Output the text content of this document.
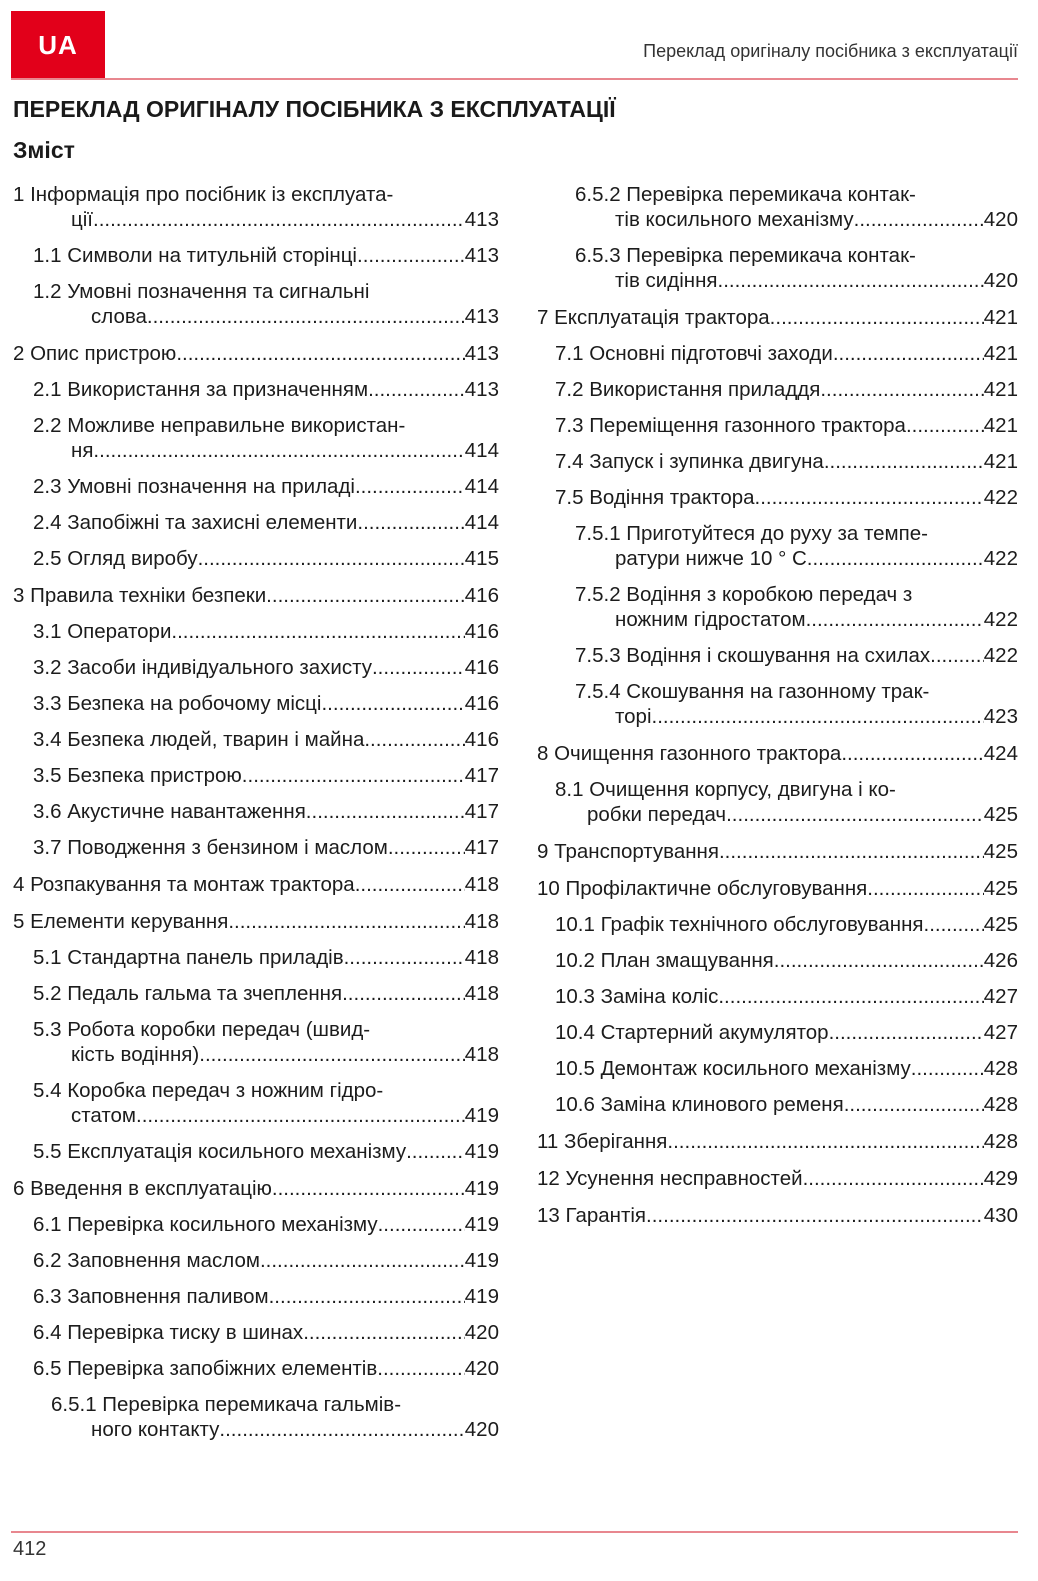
UA	Переклад оригіналу посібника з експлуатації
ПЕРЕКЛАД ОРИГІНАЛУ ПОСІБНИКА З ЕКСПЛУАТАЦІЇ
Зміст
1 Інформація про посібник із експлуата-
ції .....	413
1.1 Символи на титульній сторінці .....	413
1.2 Умовні позначення та сигнальні
слова .....	413
2 Опис пристрою .....	413
2.1 Використання за призначенням .....	413
2.2 Можливе неправильне використан-
ня .....	414
2.3 Умовні позначення на приладі .....	414
2.4 Запобіжні та захисні елементи .....	414
2.5 Огляд виробу .....	415
3 Правила техніки безпеки .....	416
3.1 Оператори .....	416
3.2 Засоби індивідуального захисту .....	416
3.3 Безпека на робочому місці .....	416
3.4 Безпека людей, тварин і майна .....	416
3.5 Безпека пристрою .....	417
3.6 Акустичне навантаження .....	417
3.7 Поводження з бензином і маслом .....	417
4 Розпакування та монтаж трактора .....	418
5 Елементи керування .....	418
5.1 Стандартна панель приладів .....	418
5.2 Педаль гальма та зчеплення .....	418
5.3 Робота коробки передач (швид-
кість водіння) .....	418
5.4 Коробка передач з ножним гідро-
статом .....	419
5.5 Експлуатація косильного механізму .....	419
6 Введення в експлуатацію .....	419
6.1 Перевірка косильного механізму .....	419
6.2 Заповнення маслом .....	419
6.3 Заповнення паливом .....	419
6.4 Перевірка тиску в шинах .....	420
6.5 Перевірка запобіжних елементів .....	420
6.5.1 Перевірка перемикача гальмів-
ного контакту .....	420
6.5.2 Перевірка перемикача контак-
тів косильного механізму .....	420
6.5.3 Перевірка перемикача контак-
тів сидіння .....	420
7 Експлуатація трактора .....	421
7.1 Основні підготовчі заходи .....	421
7.2 Використання приладдя .....	421
7.3 Переміщення газонного трактора .....	421
7.4 Запуск і зупинка двигуна .....	421
7.5 Водіння трактора .....	422
7.5.1 Приготуйтеся до руху за темпе-
ратури нижче 10 ° C .....	422
7.5.2 Водіння з коробкою передач з
ножним гідростатом .....	422
7.5.3 Водіння і скошування на схилах .....	422
7.5.4 Скошування на газонному трак-
торі .....	423
8 Очищення газонного трактора .....	424
8.1 Очищення корпусу, двигуна і ко-
робки передач .....	425
9 Транспортування .....	425
10 Профілактичне обслуговування .....	425
10.1 Графік технічного обслуговування .....	425
10.2 План змащування .....	426
10.3 Заміна коліс .....	427
10.4 Стартерний акумулятор .....	427
10.5 Демонтаж косильного механізму .....	428
10.6 Заміна клинового ременя .....	428
11 Зберігання .....	428
12 Усунення несправностей .....	429
13 Гарантія .....	430
412
